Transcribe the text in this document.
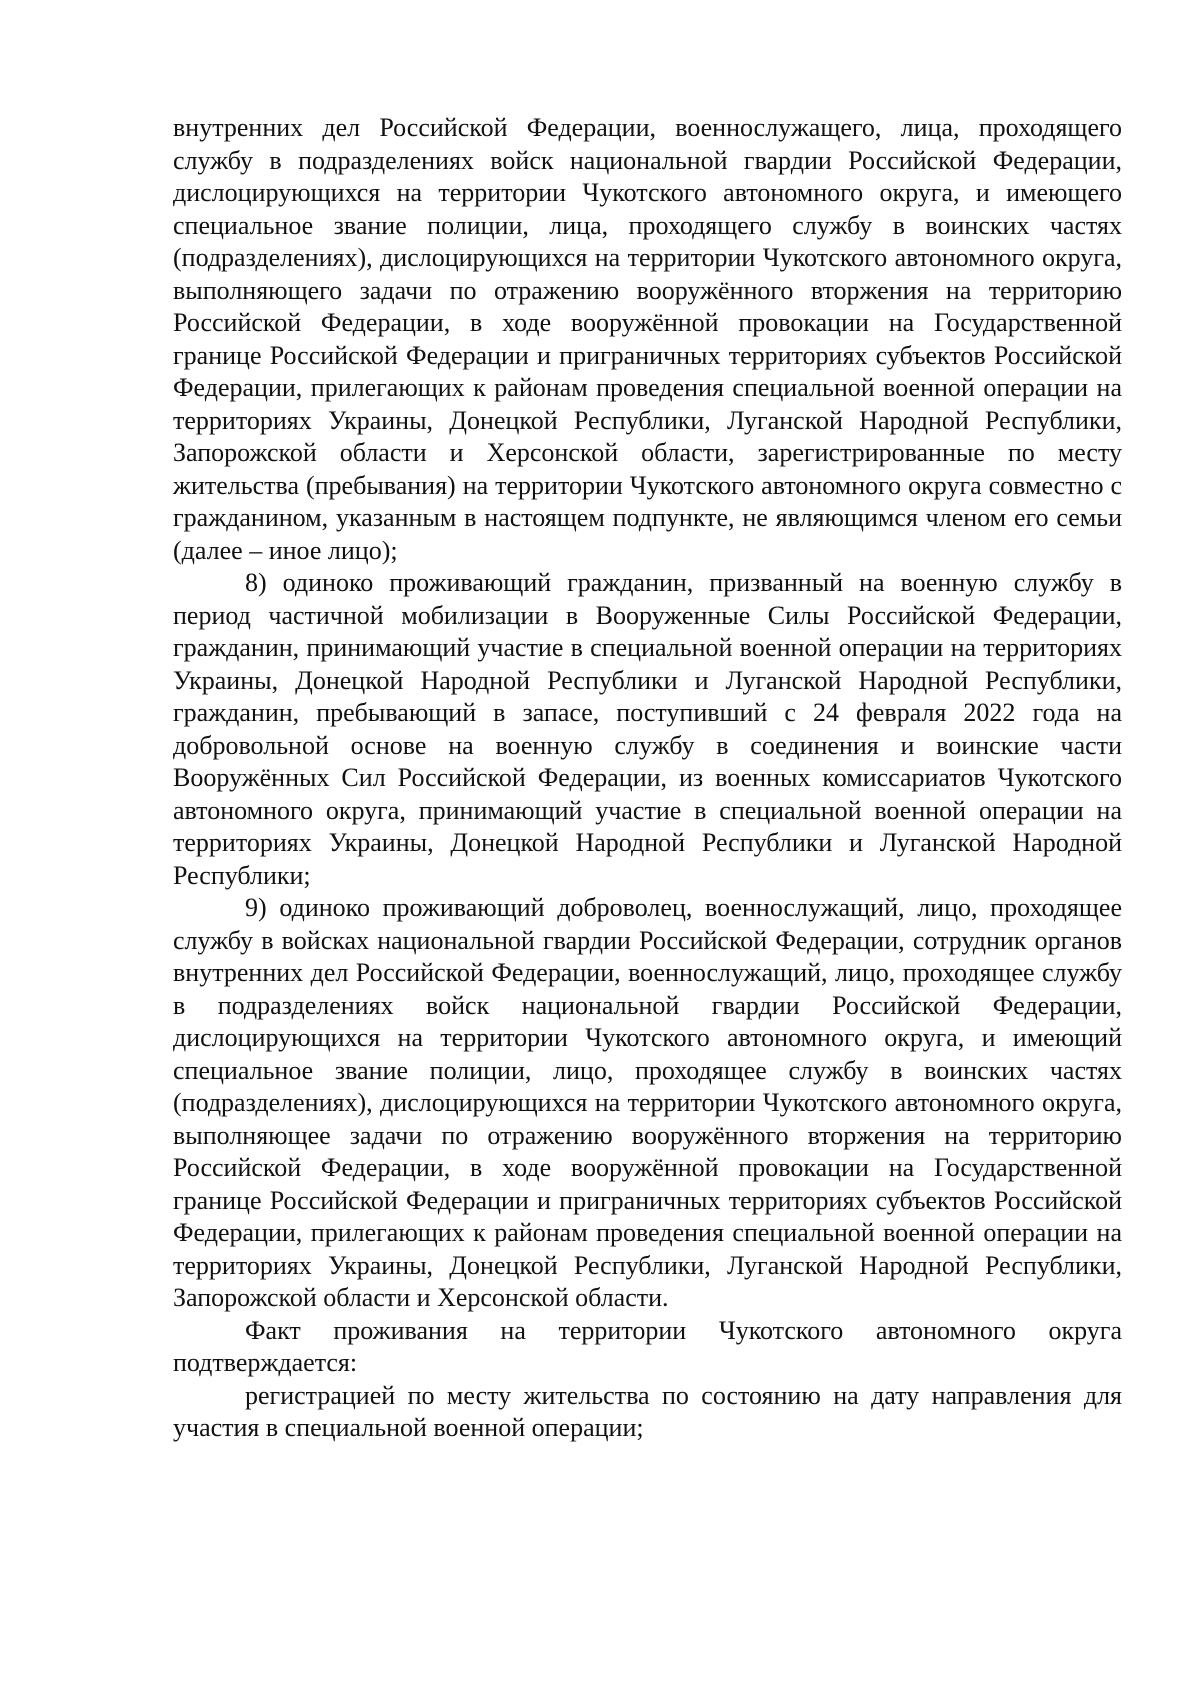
внутренних дел Российской Федерации, военнослужащего, лица, проходящего службу в подразделениях войск национальной гвардии Российской Федерации, дислоцирующихся на территории Чукотского автономного округа, и имеющего специальное звание полиции, лица, проходящего службу в воинских частях (подразделениях), дислоцирующихся на территории Чукотского автономного округа, выполняющего задачи по отражению вооружённого вторжения на территорию Российской Федерации, в ходе вооружённой провокации на Государственной границе Российской Федерации и приграничных территориях субъектов Российской Федерации, прилегающих к районам проведения специальной военной операции на территориях Украины, Донецкой Республики, Луганской Народной Республики, Запорожской области и Херсонской области, зарегистрированные по месту жительства (пребывания) на территории Чукотского автономного округа совместно с гражданином, указанным в настоящем подпункте, не являющимся членом его семьи (далее – иное лицо);

8) одиноко проживающий гражданин, призванный на военную службу в период частичной мобилизации в Вооруженные Силы Российской Федерации, гражданин, принимающий участие в специальной военной операции на территориях Украины, Донецкой Народной Республики и Луганской Народной Республики, гражданин, пребывающий в запасе, поступивший с 24 февраля 2022 года на добровольной основе на военную службу в соединения и воинские части Вооружённых Сил Российской Федерации, из военных комиссариатов Чукотского автономного округа, принимающий участие в специальной военной операции на территориях Украины, Донецкой Народной Республики и Луганской Народной Республики;

9) одиноко проживающий доброволец, военнослужащий, лицо, проходящее службу в войсках национальной гвардии Российской Федерации, сотрудник органов внутренних дел Российской Федерации, военнослужащий, лицо, проходящее службу в подразделениях войск национальной гвардии Российской Федерации, дислоцирующихся на территории Чукотского автономного округа, и имеющий специальное звание полиции, лицо, проходящее службу в воинских частях (подразделениях), дислоцирующихся на территории Чукотского автономного округа, выполняющее задачи по отражению вооружённого вторжения на территорию Российской Федерации, в ходе вооружённой провокации на Государственной границе Российской Федерации и приграничных территориях субъектов Российской Федерации, прилегающих к районам проведения специальной военной операции на территориях Украины, Донецкой Республики, Луганской Народной Республики, Запорожской области и Херсонской области.

Факт проживания на территории Чукотского автономного округа подтверждается:

регистрацией по месту жительства по состоянию на дату направления для участия в специальной военной операции;
